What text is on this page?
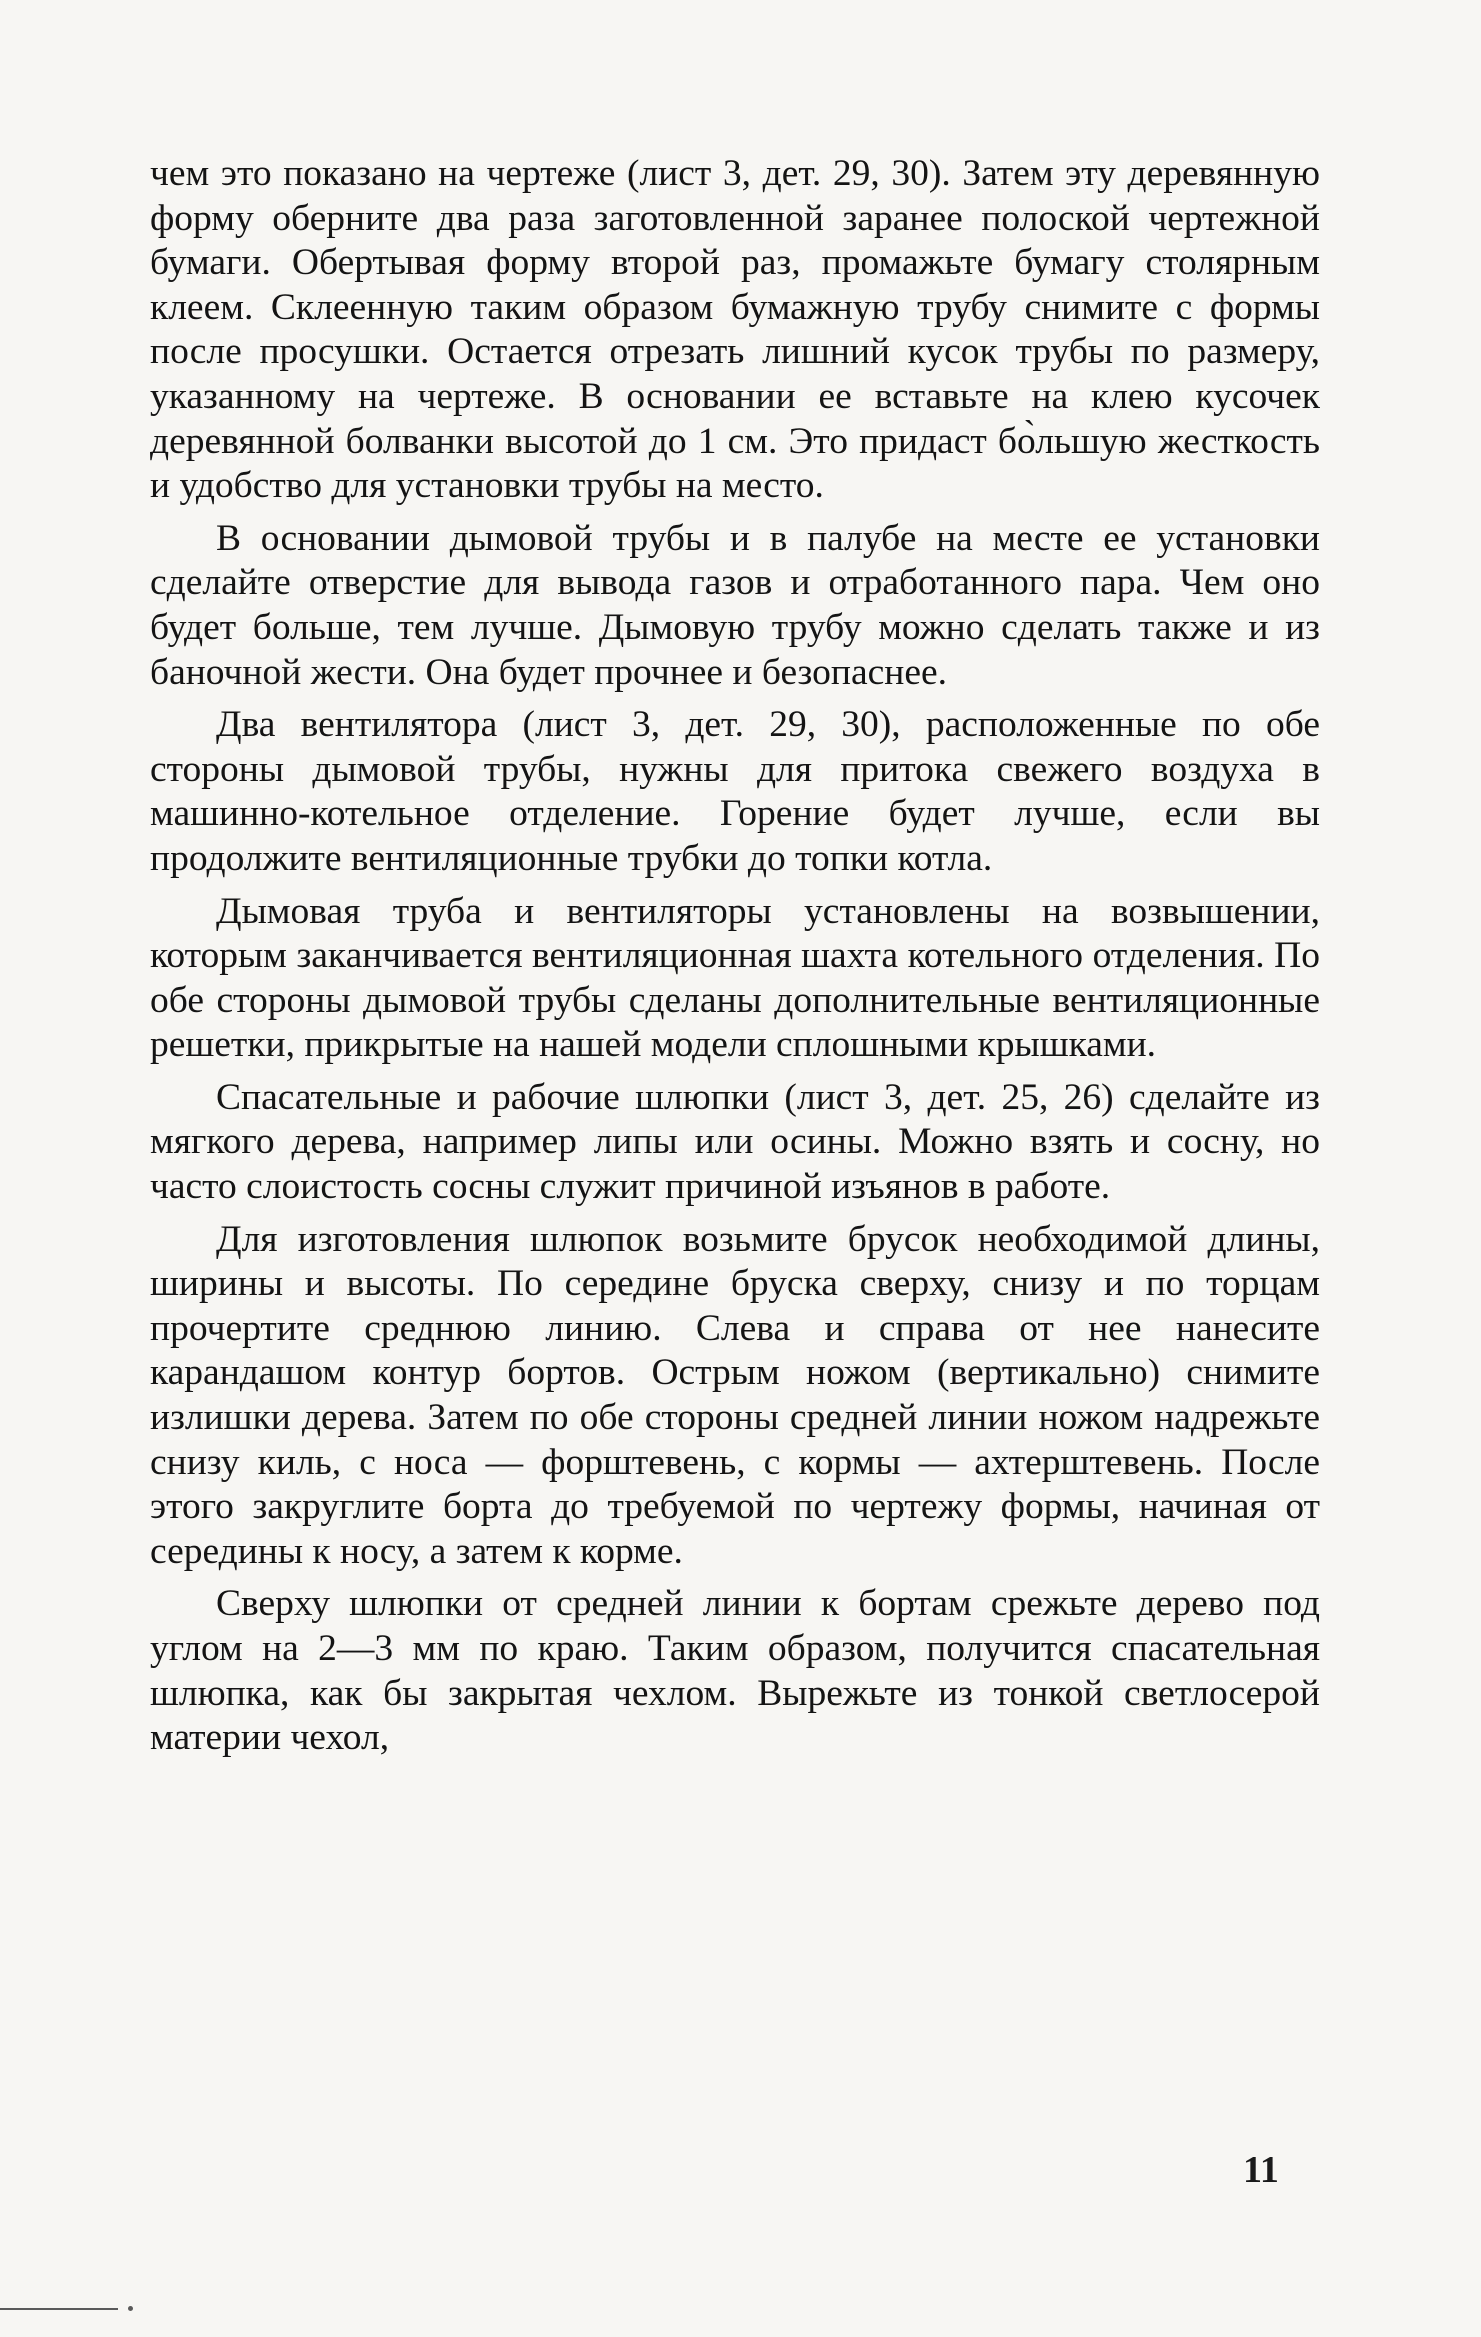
чем это показано на чертеже (лист 3, дет. 29, 30). Затем эту деревянную форму оберните два раза заготовленной заранее полоской чертежной бумаги. Обертывая форму второй раз, промажьте бумагу столярным клеем. Склеенную таким образом бумажную трубу снимите с формы после просушки. Остается отрезать лишний кусок трубы по размеру, указанному на чертеже. В основании ее вставьте на клею кусочек деревянной болванки высотой до 1 см. Это придаст бо̀льшую жесткость и удобство для установки трубы на место.

В основании дымовой трубы и в палубе на месте ее установки сделайте отверстие для вывода газов и отработанного пара. Чем оно будет больше, тем лучше. Дымовую трубу можно сделать также и из баночной жести. Она будет прочнее и безопаснее.

Два вентилятора (лист 3, дет. 29, 30), расположенные по обе стороны дымовой трубы, нужны для притока свежего воздуха в машинно-котельное отделение. Горение будет лучше, если вы продолжите вентиляционные трубки до топки котла.

Дымовая труба и вентиляторы установлены на возвышении, которым заканчивается вентиляционная шахта котельного отделения. По обе стороны дымовой трубы сделаны дополнительные вентиляционные решетки, прикрытые на нашей модели сплошными крышками.

Спасательные и рабочие шлюпки (лист 3, дет. 25, 26) сделайте из мягкого дерева, например липы или осины. Можно взять и сосну, но часто слоистость сосны служит причиной изъянов в работе.

Для изготовления шлюпок возьмите брусок необходимой длины, ширины и высоты. По середине бруска сверху, снизу и по торцам прочертите среднюю линию. Слева и справа от нее нанесите карандашом контур бортов. Острым ножом (вертикально) снимите излишки дерева. Затем по обе стороны средней линии ножом надрежьте снизу киль, с носа — форштевень, с кормы — ахтерштевень. После этого закруглите борта до требуемой по чертежу формы, начиная от середины к носу, а затем к корме.

Сверху шлюпки от средней линии к бортам срежьте дерево под углом на 2—3 мм по краю. Таким образом, получится спасательная шлюпка, как бы закрытая чехлом. Вырежьте из тонкой светлосерой материи чехол,

11
